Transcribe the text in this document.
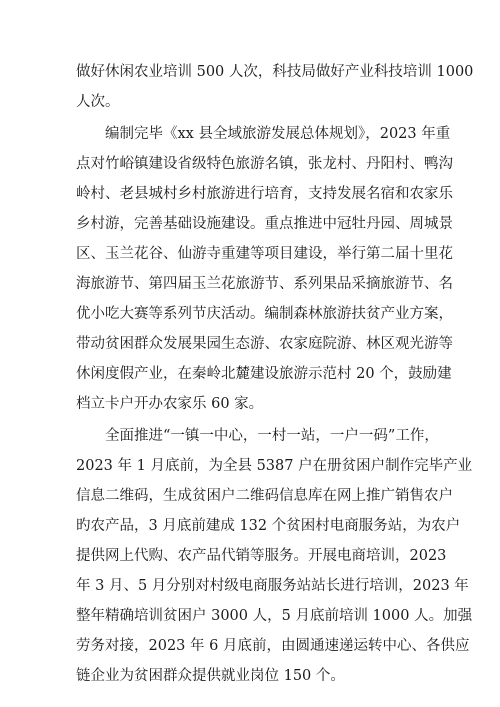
做好休闲农业培训 500 人次，科技局做好产业科技培训 1000
人次。
编制完毕《xx 县全域旅游发展总体规划》，2023 年重
点对竹峪镇建设省级特色旅游名镇，张龙村、丹阳村、鸭沟
岭村、老县城村乡村旅游进行培育，支持发展名宿和农家乐
乡村游，完善基础设施建设。重点推进中冠牡丹园、周城景
区、玉兰花谷、仙游寺重建等项目建设，举行第二届十里花
海旅游节、第四届玉兰花旅游节、系列果品采摘旅游节、名
优小吃大赛等系列节庆活动。编制森林旅游扶贫产业方案，
带动贫困群众发展果园生态游、农家庭院游、林区观光游等
休闲度假产业，在秦岭北麓建设旅游示范村 20 个，鼓励建
档立卡户开办农家乐 60 家。
全面推进“一镇一中心，一村一站，一户一码”工作，
2023 年 1 月底前，为全县 5387 户在册贫困户制作完毕产业
信息二维码，生成贫困户二维码信息库在网上推广销售农户
旳农产品，3 月底前建成 132 个贫困村电商服务站，为农户
提供网上代购、农产品代销等服务。开展电商培训，2023
年 3 月、5 月分别对村级电商服务站站长进行培训，2023 年
整年精确培训贫困户 3000 人，5 月底前培训 1000 人。加强
劳务对接，2023 年 6 月底前，由圆通速递运转中心、各供应
链企业为贫困群众提供就业岗位 150 个。
